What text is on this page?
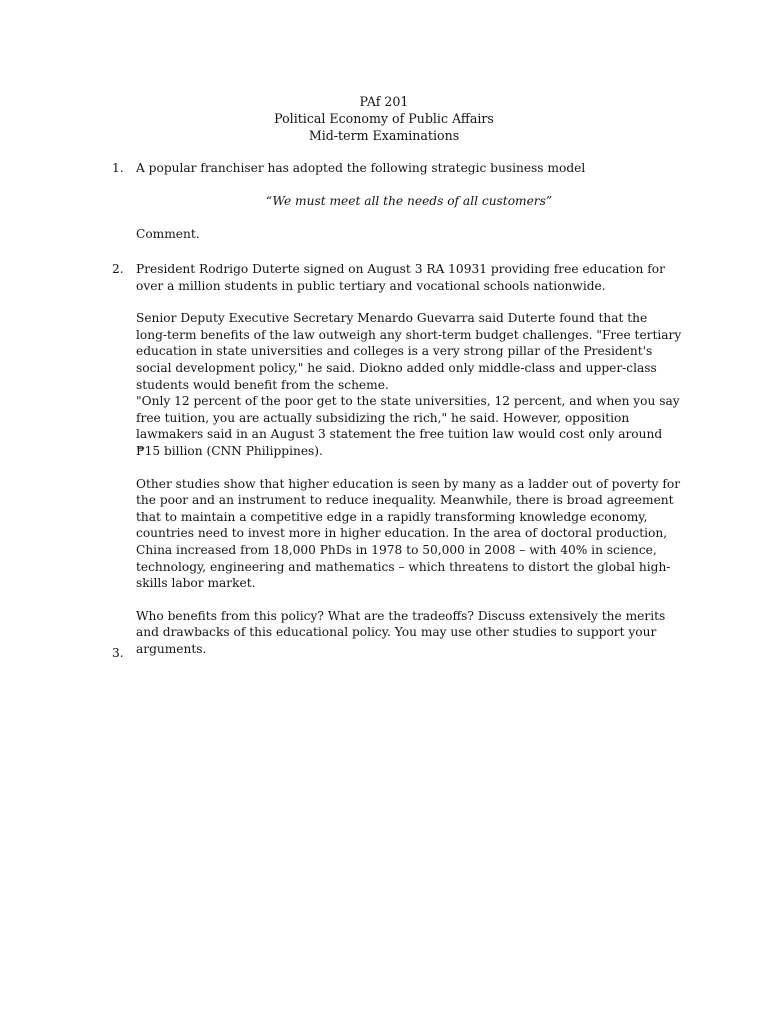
PAf 201
Political Economy of Public Affairs
Mid-term Examinations
1. A popular franchiser has adopted the following strategic business model

“We must meet all the needs of all customers”

Comment.

2. President Rodrigo Duterte signed on August 3 RA 10931 providing free education for over a million students in public tertiary and vocational schools nationwide.

Senior Deputy Executive Secretary Menardo Guevarra said Duterte found that the long-term benefits of the law outweigh any short-term budget challenges. "Free tertiary education in state universities and colleges is a very strong pillar of the President's social development policy," he said. Diokno added only middle-class and upper-class students would benefit from the scheme.

"Only 12 percent of the poor get to the state universities, 12 percent, and when you say free tuition, you are actually subsidizing the rich," he said. However, opposition lawmakers said in an August 3 statement the free tuition law would cost only around ₱15 billion (CNN Philippines).

Other studies show that higher education is seen by many as a ladder out of poverty for the poor and an instrument to reduce inequality. Meanwhile, there is broad agreement that to maintain a competitive edge in a rapidly transforming knowledge economy, countries need to invest more in higher education. In the area of doctoral production, China increased from 18,000 PhDs in 1978 to 50,000 in 2008 – with 40% in science, technology, engineering and mathematics – which threatens to distort the global high-skills labor market.

Who benefits from this policy? What are the tradeoffs? Discuss extensively the merits and drawbacks of this educational policy. You may use other studies to support your arguments.

3.
